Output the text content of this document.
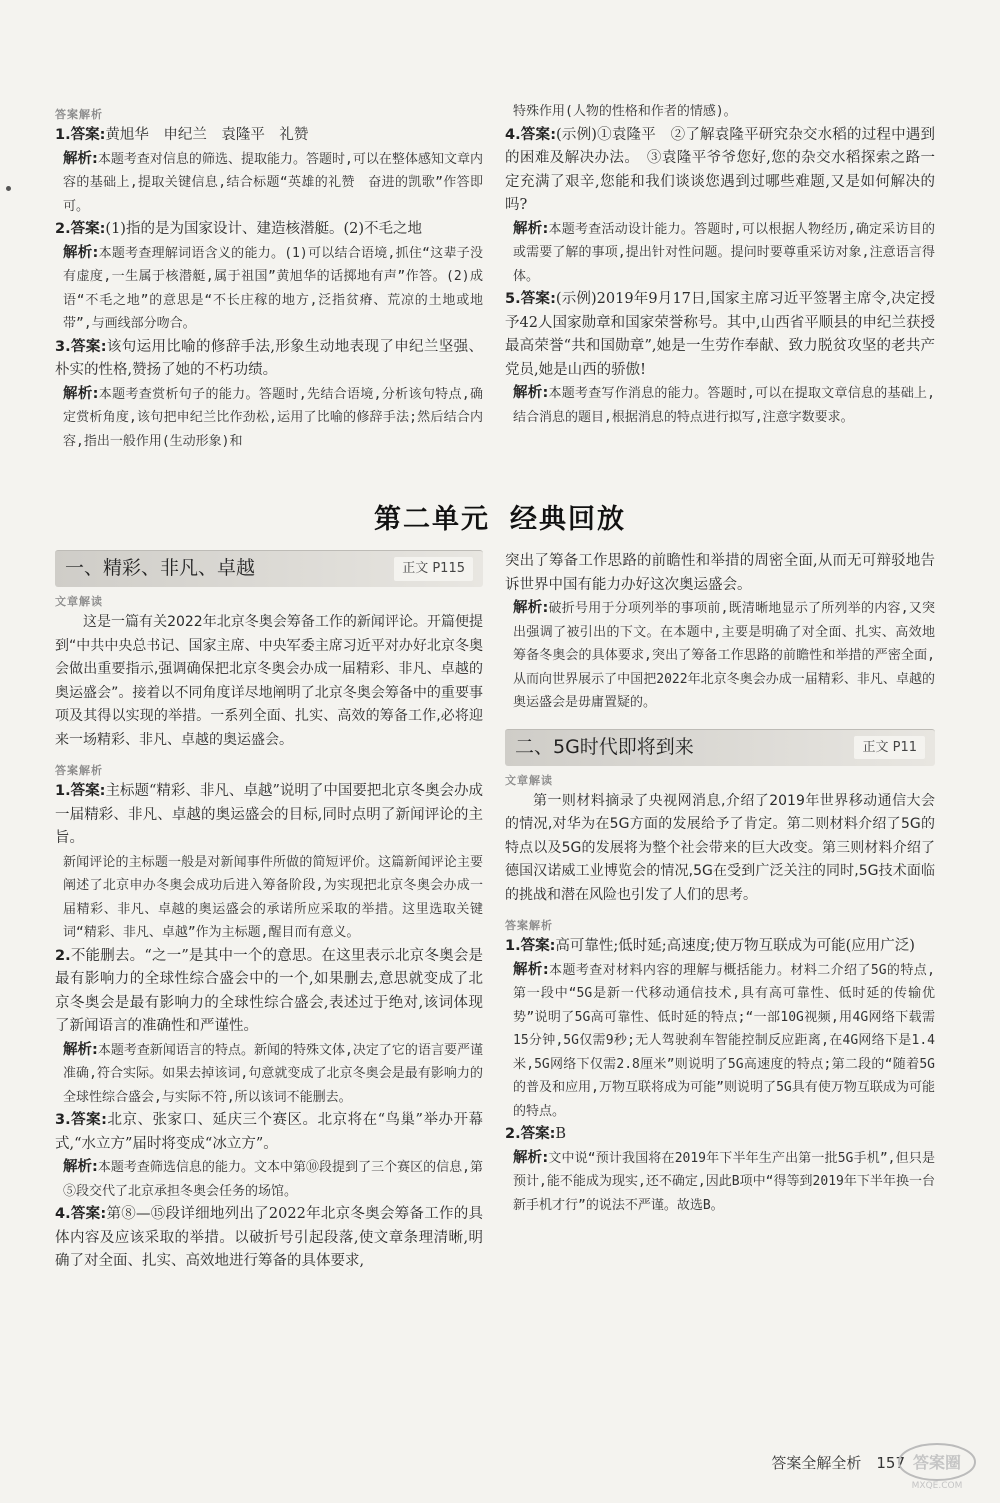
答案解析

1.答案:黄旭华　申纪兰　袁隆平　礼赞

解析:本题考查对信息的筛选、提取能力。答题时,可以在整体感知文章内容的基础上,提取关键信息,结合标题“英雄的礼赞　奋进的凯歌”作答即可。

2.答案:(1)指的是为国家设计、建造核潜艇。(2)不毛之地

解析:本题考查理解词语含义的能力。(1)可以结合语境,抓住“这辈子没有虚度,一生属于核潜艇,属于祖国”黄旭华的话掷地有声”作答。(2)成语“不毛之地”的意思是“不长庄稼的地方,泛指贫瘠、荒凉的土地或地带”,与画线部分吻合。

3.答案:该句运用比喻的修辞手法,形象生动地表现了申纪兰坚强、朴实的性格,赞扬了她的不朽功绩。

解析:本题考查赏析句子的能力。答题时,先结合语境,分析该句特点,确定赏析角度,该句把申纪兰比作劲松,运用了比喻的修辞手法;然后结合内容,指出一般作用(生动形象)和

特殊作用(人物的性格和作者的情感)。

4.答案:(示例)①袁隆平　②了解袁隆平研究杂交水稻的过程中遇到的困难及解决办法。　③袁隆平爷爷您好,您的杂交水稻探索之路一定充满了艰辛,您能和我们谈谈您遇到过哪些难题,又是如何解决的吗?

解析:本题考查活动设计能力。答题时,可以根据人物经历,确定采访目的或需要了解的事项,提出针对性问题。提问时要尊重采访对象,注意语言得体。

5.答案:(示例)2019年9月17日,国家主席习近平签署主席令,决定授予42人国家勋章和国家荣誉称号。其中,山西省平顺县的申纪兰获授最高荣誉“共和国勋章”,她是一生劳作奉献、致力脱贫攻坚的老共产党员,她是山西的骄傲!

解析:本题考查写作消息的能力。答题时,可以在提取文章信息的基础上,结合消息的题目,根据消息的特点进行拟写,注意字数要求。

第二单元 经典回放
一、精彩、非凡、卓越	正文 P115
文章解读

这是一篇有关2022年北京冬奥会筹备工作的新闻评论。开篇便提到“中共中央总书记、国家主席、中央军委主席习近平对办好北京冬奥会做出重要指示,强调确保把北京冬奥会办成一届精彩、非凡、卓越的奥运盛会”。接着以不同角度详尽地阐明了北京冬奥会筹备中的重要事项及其得以实现的举措。一系列全面、扎实、高效的筹备工作,必将迎来一场精彩、非凡、卓越的奥运盛会。

答案解析

1.答案:主标题“精彩、非凡、卓越”说明了中国要把北京冬奥会办成一届精彩、非凡、卓越的奥运盛会的目标,同时点明了新闻评论的主旨。

新闻评论的主标题一般是对新闻事件所做的简短评价。这篇新闻评论主要阐述了北京申办冬奥会成功后进入筹备阶段,为实现把北京冬奥会办成一届精彩、非凡、卓越的奥运盛会的承诺所应采取的举措。这里选取关键词“精彩、非凡、卓越”作为主标题,醒目而有意义。

2.不能删去。“之一”是其中一个的意思。在这里表示北京冬奥会是最有影响力的全球性综合盛会中的一个,如果删去,意思就变成了北京冬奥会是最有影响力的全球性综合盛会,表述过于绝对,该词体现了新闻语言的准确性和严谨性。

解析:本题考查新闻语言的特点。新闻的特殊文体,决定了它的语言要严谨准确,符合实际。如果去掉该词,句意就变成了北京冬奥会是最有影响力的全球性综合盛会,与实际不符,所以该词不能删去。

3.答案:北京、张家口、延庆三个赛区。北京将在“鸟巢”举办开幕式,“水立方”届时将变成“冰立方”。

解析:本题考查筛选信息的能力。文本中第⑩段提到了三个赛区的信息,第⑤段交代了北京承担冬奥会任务的场馆。

4.答案:第⑧—⑮段详细地列出了2022年北京冬奥会筹备工作的具体内容及应该采取的举措。以破折号引起段落,使文章条理清晰,明确了对全面、扎实、高效地进行筹备的具体要求,

突出了筹备工作思路的前瞻性和举措的周密全面,从而无可辩驳地告诉世界中国有能力办好这次奥运盛会。

解析:破折号用于分项列举的事项前,既清晰地显示了所列举的内容,又突出强调了被引出的下文。在本题中,主要是明确了对全面、扎实、高效地筹备冬奥会的具体要求,突出了筹备工作思路的前瞻性和举措的严密全面,从而向世界展示了中国把2022年北京冬奥会办成一届精彩、非凡、卓越的奥运盛会是毋庸置疑的。

二、5G时代即将到来	正文 P11
文章解读

第一则材料摘录了央视网消息,介绍了2019年世界移动通信大会的情况,对华为在5G方面的发展给予了肯定。第二则材料介绍了5G的特点以及5G的发展将为整个社会带来的巨大改变。第三则材料介绍了德国汉诺威工业博览会的情况,5G在受到广泛关注的同时,5G技术面临的挑战和潜在风险也引发了人们的思考。

答案解析

1.答案:高可靠性;低时延;高速度;使万物互联成为可能(应用广泛)

解析:本题考查对材料内容的理解与概括能力。材料二介绍了5G的特点,第一段中“5G是新一代移动通信技术,具有高可靠性、低时延的传输优势”说明了5G高可靠性、低时延的特点;“一部10G视频,用4G网络下载需15分钟,5G仅需9秒;无人驾驶刹车智能控制反应距离,在4G网络下是1.4米,5G网络下仅需2.8厘米”则说明了5G高速度的特点;第二段的“随着5G的普及和应用,万物互联将成为可能”则说明了5G具有使万物互联成为可能的特点。

2.答案:B

解析:文中说“预计我国将在2019年下半年生产出第一批5G手机”,但只是预计,能不能成为现实,还不确定,因此B项中“得等到2019年下半年换一台新手机才行”的说法不严谨。故选B。

答案全解全析　157 答案圈
MXQE.COM
